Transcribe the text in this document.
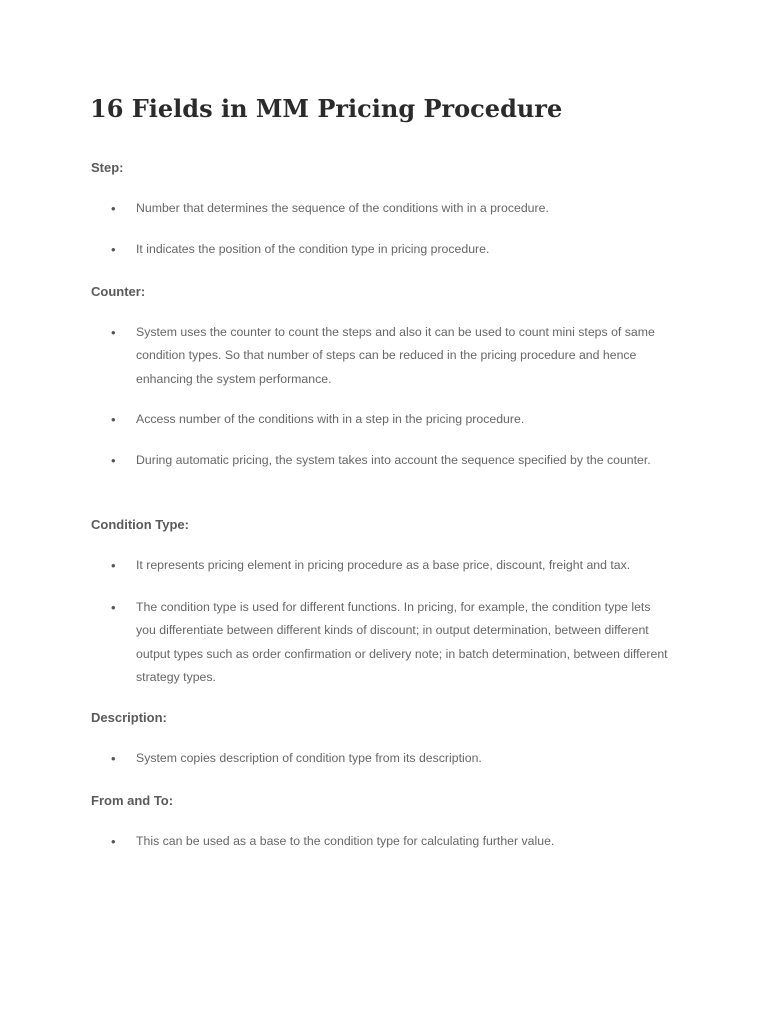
16 Fields in MM Pricing Procedure
Step:
•	Number that determines the sequence of the conditions with in a procedure.
•	It indicates the position of the condition type in pricing procedure.
Counter:
•	System uses the counter to count the steps and also it can be used to count mini steps of same condition types. So that number of steps can be reduced in the pricing procedure and hence enhancing the system performance.
•	Access number of the conditions with in a step in the pricing procedure.
•	During automatic pricing, the system takes into account the sequence specified by the counter.
Condition Type:
•	It represents pricing element in pricing procedure as a base price, discount, freight and tax.
•	The condition type is used for different functions. In pricing, for example, the condition type lets you differentiate between different kinds of discount; in output determination, between different output types such as order confirmation or delivery note; in batch determination, between different strategy types.
Description:
•	System copies description of condition type from its description.
From and To:
•	This can be used as a base to the condition type for calculating further value.
